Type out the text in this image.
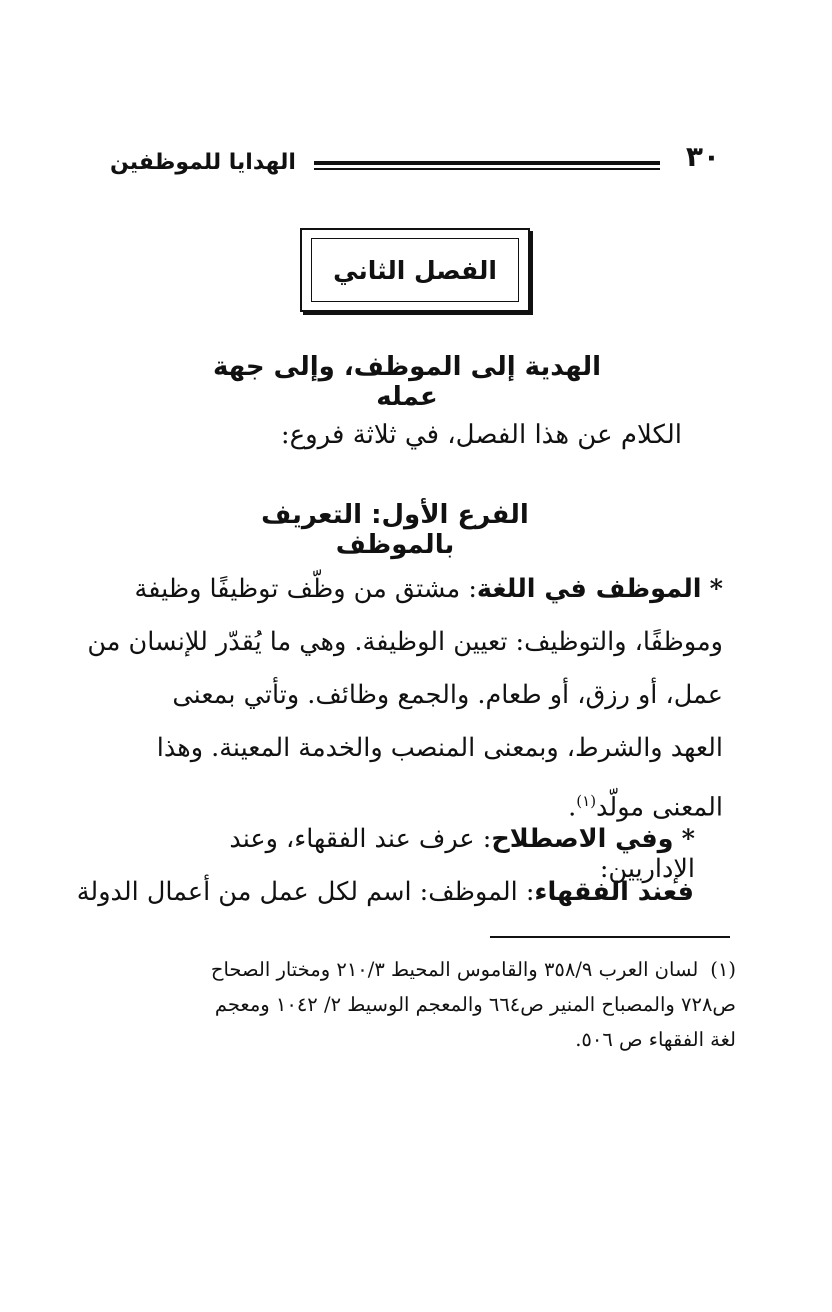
٣٠
الهدايا للموظفين
الفصل الثاني
الهدية إلى الموظف، وإلى جهة عمله
الكلام عن هذا الفصل، في ثلاثة فروع:
الفرع الأول: التعريف بالموظف
* الموظف في اللغة: مشتق من وظّف توظيفًا وظيفة
وموظفًا، والتوظيف: تعيين الوظيفة. وهي ما يُقدّر للإنسان من
عمل، أو رزق، أو طعام. والجمع وظائف. وتأتي بمعنى
العهد والشرط، وبمعنى المنصب والخدمة المعينة. وهذا
المعنى مولّد$^{(١)}$.
* وفي الاصطلاح: عرف عند الفقهاء، وعند الإداريين:
فعند الفقهاء: الموظف: اسم لكل عمل من أعمال الدولة
(١)لسان العرب ٣٥٨/٩ والقاموس المحيط ٢١٠/٣ ومختار الصحاح
ص٧٢٨ والمصباح المنير ص٦٦٤ والمعجم الوسيط ٢/ ١٠٤٢ ومعجم
لغة الفقهاء ص ٥٠٦.
